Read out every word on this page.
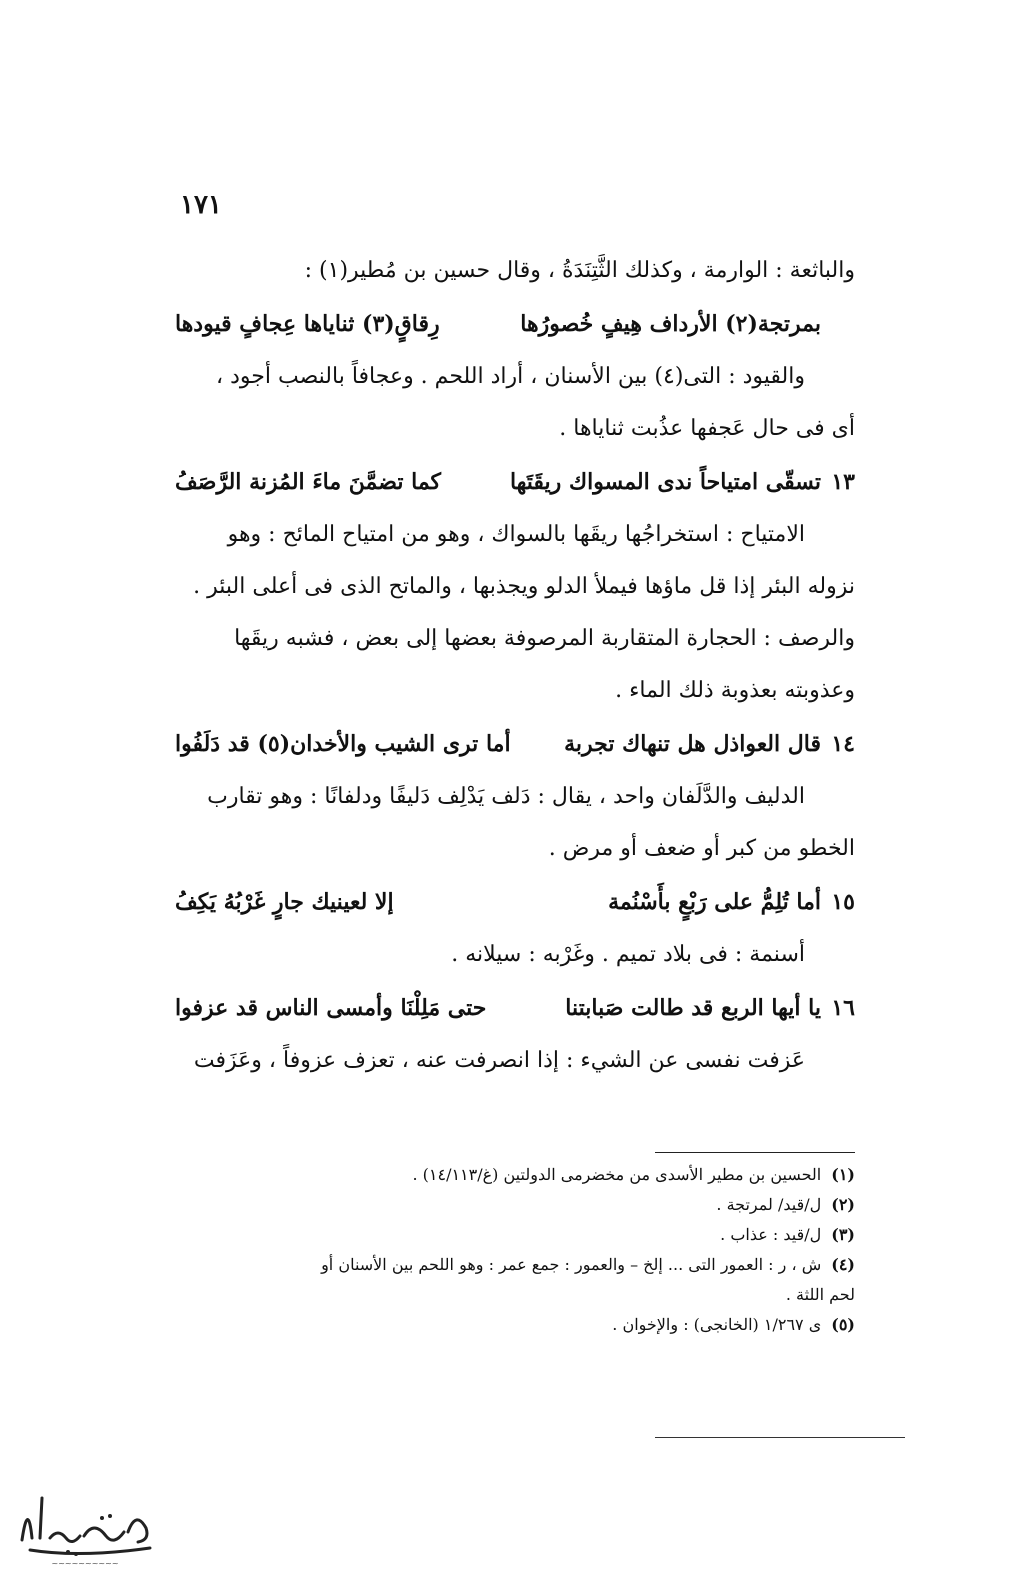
١٧١
والباثعة : الوارمة ، وكذلك الثَّتِنَدَةُ ، وقال حسين بن مُطير(١) :
بمرتجة(٢) الأرداف هِيفٍ خُصورُها
رِقاقٍ(٣) ثناياها عِجافٍ قيودها
والقيود : التى(٤) بين الأسنان ، أراد اللحم . وعجافاً بالنصب أجود ،
أى فى حال عَجفها عذُبت ثناياها .
١٣
تسقّى امتياحاً ندى المسواك ريقَتَها
كما تضمَّنَ ماءَ المُزنة الرَّصَفُ
الامتياح : استخراجُها ريقَها بالسواك ، وهو من امتياح المائح : وهو
نزوله البئر إذا قل ماؤها فيملأ الدلو ويجذبها ، والماتح الذى فى أعلى البئر .
والرصف : الحجارة المتقاربة المرصوفة بعضها إلى بعض ، فشبه ريقَها
وعذوبته بعذوبة ذلك الماء .
١٤
قال العواذل هل تنهاك تجربة
أما ترى الشيب والأخدان(٥) قد دَلَفُوا
الدليف والدَّلَفان واحد ، يقال : دَلف يَدْلِف دَليفًا ودلفانًا : وهو تقارب
الخطو من كبر أو ضعف أو مرض .
١٥
أما تُلِمُّ على رَبْعٍ بأَسْنُمة
إلا لعينيك جارٍ غَرْبُهُ يَكِفُ
أسنمة : فى بلاد تميم . وغَرْبه : سيلانه .
١٦
يا أيها الربع قد طالت صَبابتنا
حتى مَلِلْنَا وأمسى الناس قد عزفوا
عَزفت نفسى عن الشيء : إذا انصرفت عنه ، تعزف عزوفاً ، وعَزَفت
(١)الحسين بن مطير الأسدى من مخضرمى الدولتين (غ/١٤/١١٣) .
(٢)ل/قيد/ لمرتجة .
(٣)ل/قيد : عذاب .
(٤)ش ، ر : العمور التى ... إلخ – والعمور : جمع عمر : وهو اللحم بين الأسنان أو
لحم اللثة .
(٥)ى ١/٢٦٧ (الخانجى) : والإخوان .
~~~~~~~~~~
